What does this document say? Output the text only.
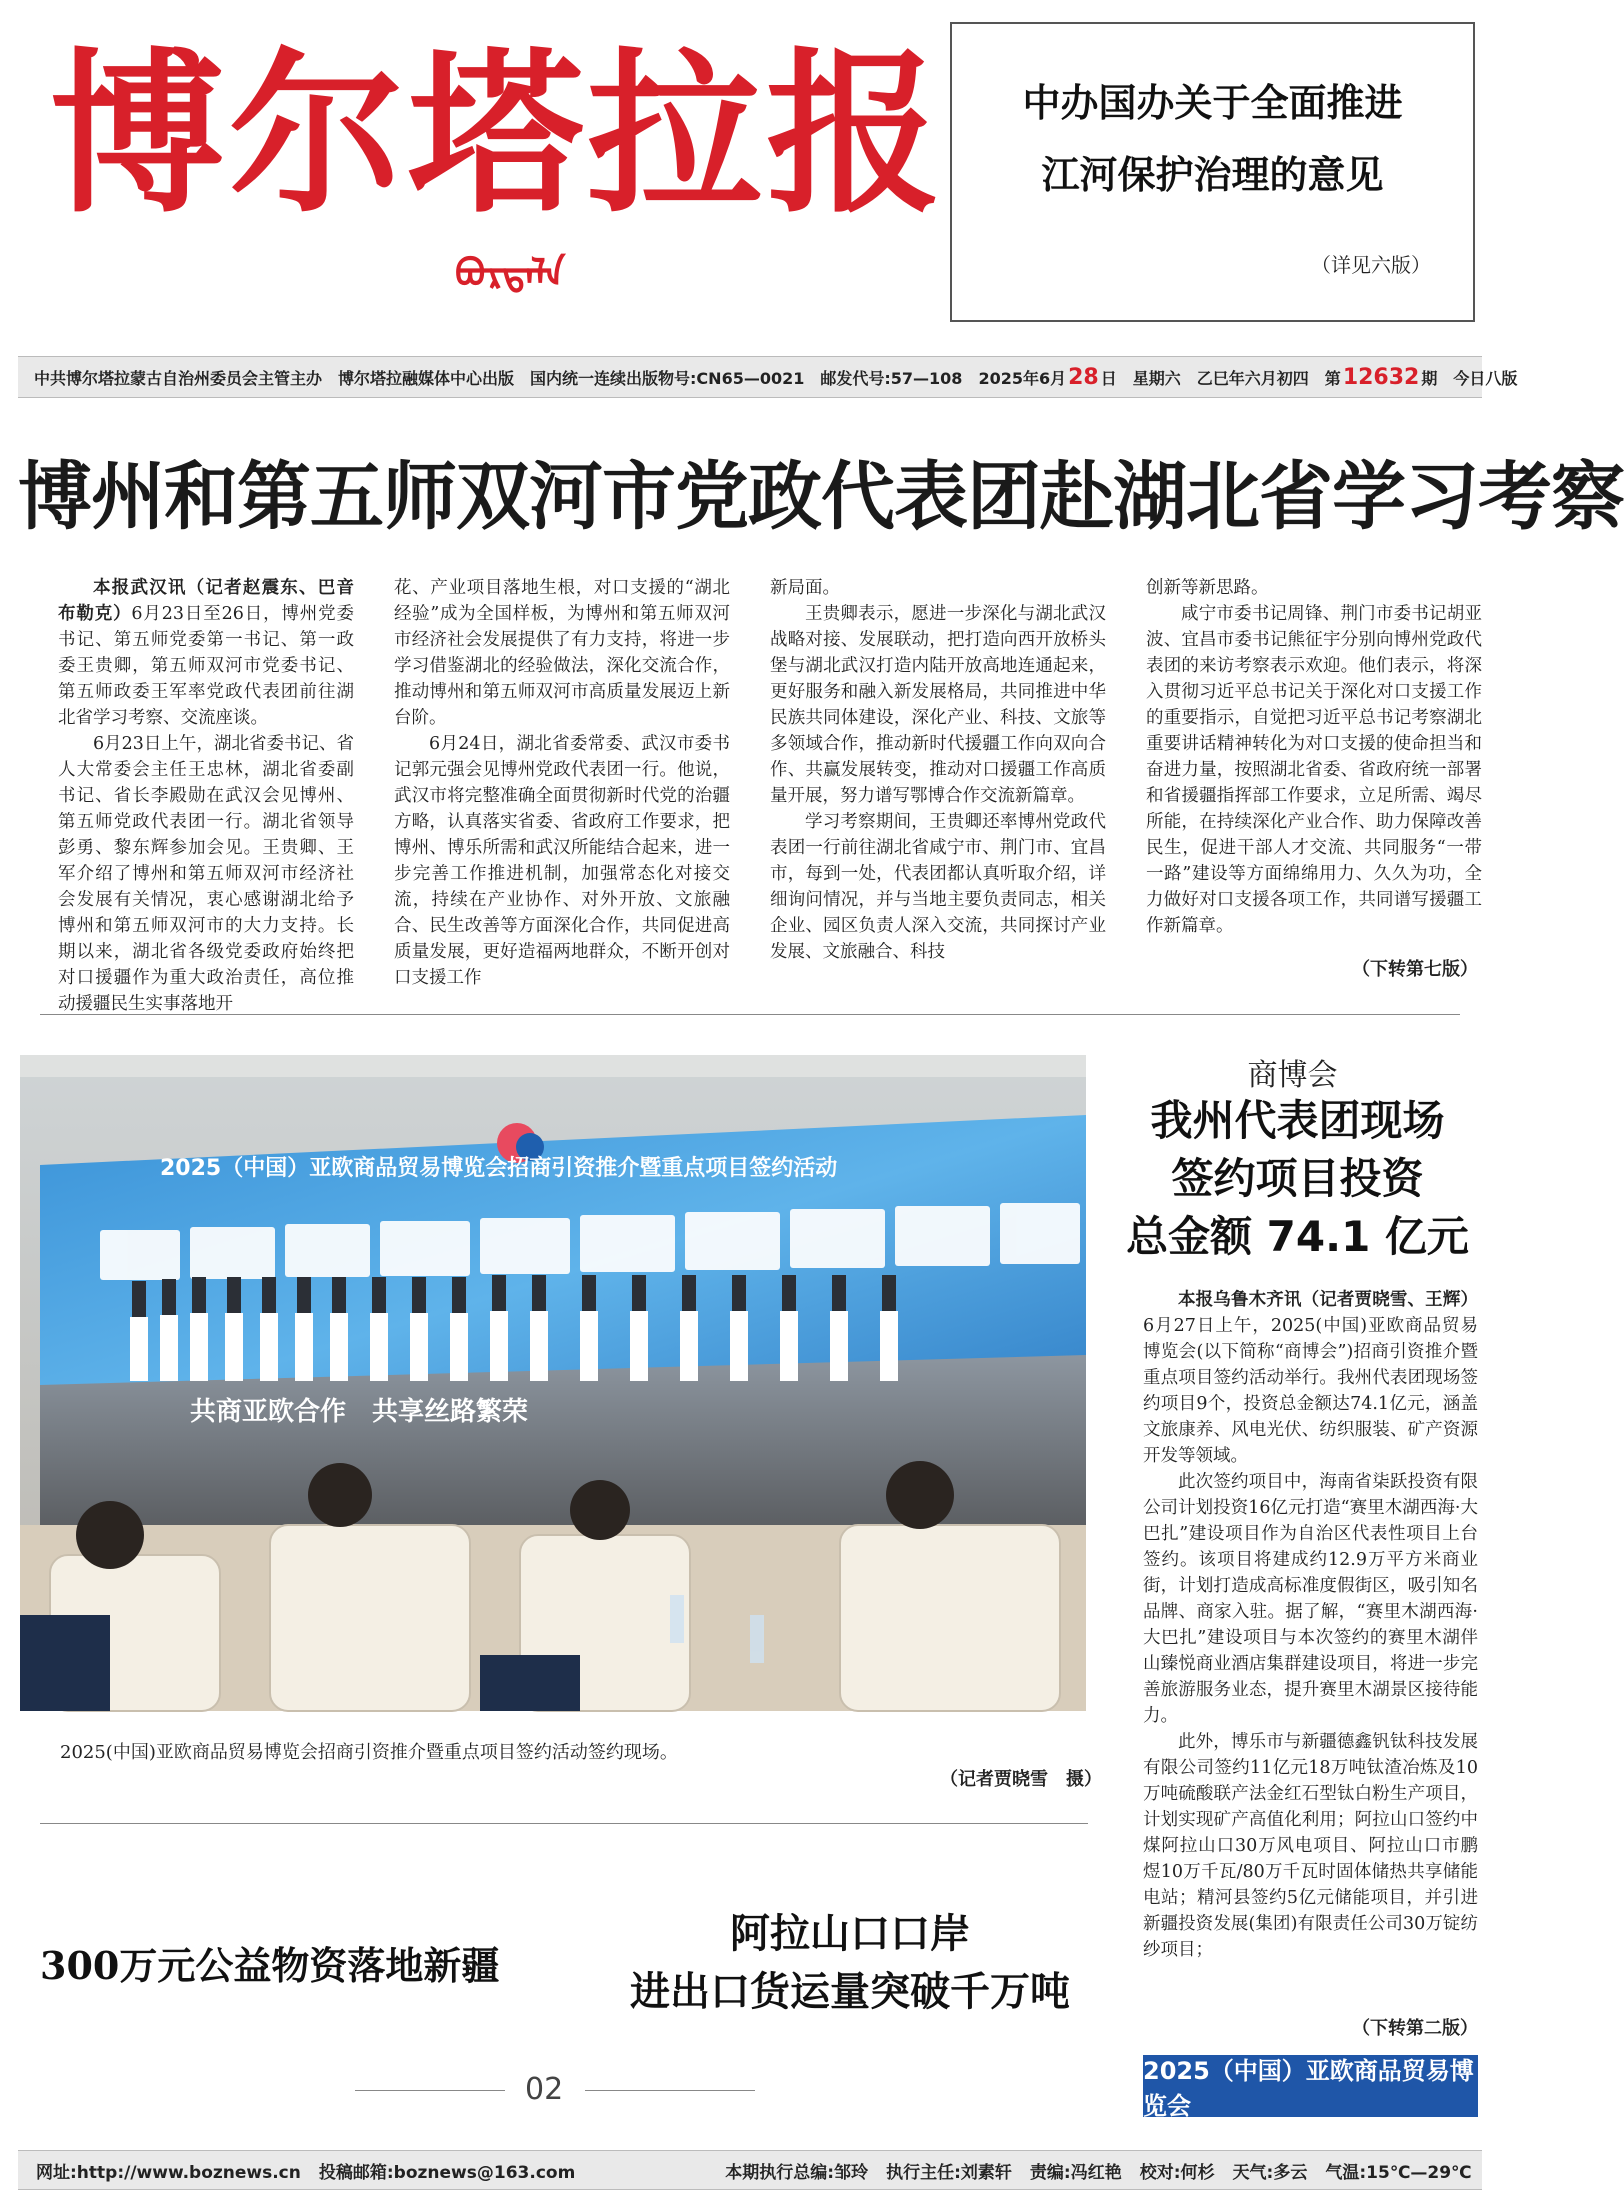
博尔塔拉报
ᠪᠣᠷᠲᠠᠯᠠ
中办国办关于全面推进
江河保护治理的意见
（详见六版）
中共博尔塔拉蒙古自治州委员会主管主办 博尔塔拉融媒体中心出版 国内统一连续出版物号:CN65—0021 邮发代号:57—108 2025年6月28 日 星期六 乙巳年六月初四 第12632 期 今日八版
博州和第五师双河市党政代表团赴湖北省学习考察

本报武汉讯（记者赵震东、巴音布勒克）6月23日至26日，博州党委书记、第五师党委第一书记、第一政委王贵卿，第五师双河市党委书记、第五师政委王军率党政代表团前往湖北省学习考察、交流座谈。

6月23日上午，湖北省委书记、省人大常委会主任王忠林，湖北省委副书记、省长李殿勋在武汉会见博州、第五师党政代表团一行。湖北省领导彭勇、黎东辉参加会见。王贵卿、王军介绍了博州和第五师双河市经济社会发展有关情况，衷心感谢湖北给予博州和第五师双河市的大力支持。长期以来，湖北省各级党委政府始终把对口援疆作为重大政治责任，高位推动援疆民生实事落地开

花、产业项目落地生根，对口支援的“湖北经验”成为全国样板，为博州和第五师双河市经济社会发展提供了有力支持，将进一步学习借鉴湖北的经验做法，深化交流合作，推动博州和第五师双河市高质量发展迈上新台阶。

6月24日，湖北省委常委、武汉市委书记郭元强会见博州党政代表团一行。他说，武汉市将完整准确全面贯彻新时代党的治疆方略，认真落实省委、省政府工作要求，把博州、博乐所需和武汉所能结合起来，进一步完善工作推进机制，加强常态化对接交流，持续在产业协作、对外开放、文旅融合、民生改善等方面深化合作，共同促进高质量发展，更好造福两地群众，不断开创对口支援工作

新局面。

王贵卿表示，愿进一步深化与湖北武汉战略对接、发展联动，把打造向西开放桥头堡与湖北武汉打造内陆开放高地连通起来，更好服务和融入新发展格局，共同推进中华民族共同体建设，深化产业、科技、文旅等多领域合作，推动新时代援疆工作向双向合作、共赢发展转变，推动对口援疆工作高质量开展，努力谱写鄂博合作交流新篇章。

学习考察期间，王贵卿还率博州党政代表团一行前往湖北省咸宁市、荆门市、宜昌市，每到一处，代表团都认真听取介绍，详细询问情况，并与当地主要负责同志，相关企业、园区负责人深入交流，共同探讨产业发展、文旅融合、科技

创新等新思路。

咸宁市委书记周锋、荆门市委书记胡亚波、宜昌市委书记熊征宇分别向博州党政代表团的来访考察表示欢迎。他们表示，将深入贯彻习近平总书记关于深化对口支援工作的重要指示，自觉把习近平总书记考察湖北重要讲话精神转化为对口支援的使命担当和奋进力量，按照湖北省委、省政府统一部署和省援疆指挥部工作要求，立足所需、竭尽所能，在持续深化产业合作、助力保障改善民生，促进干部人才交流、共同服务“一带一路”建设等方面绵绵用力、久久为功，全力做好对口支援各项工作，共同谱写援疆工作新篇章。

（下转第七版）
2025（中国）亚欧商品贸易博览会招商引资推介暨重点项目签约活动
共商亚欧合作　共享丝路繁荣
2025(中国)亚欧商品贸易博览会招商引资推介暨重点项目签约活动签约现场。
（记者贾晓雪　摄）
商博会
我州代表团现场
签约项目投资
总金额 74.1 亿元

本报乌鲁木齐讯（记者贾晓雪、王辉）6月27日上午，2025(中国)亚欧商品贸易博览会(以下简称“商博会”)招商引资推介暨重点项目签约活动举行。我州代表团现场签约项目9个，投资总金额达74.1亿元，涵盖文旅康养、风电光伏、纺织服装、矿产资源开发等领域。

此次签约项目中，海南省柒跃投资有限公司计划投资16亿元打造“赛里木湖西海·大巴扎”建设项目作为自治区代表性项目上台签约。该项目将建成约12.9万平方米商业街，计划打造成高标准度假街区，吸引知名品牌、商家入驻。据了解，“赛里木湖西海·大巴扎”建设项目与本次签约的赛里木湖伴山臻悦商业酒店集群建设项目，将进一步完善旅游服务业态，提升赛里木湖景区接待能力。

此外，博乐市与新疆德鑫钒钛科技发展有限公司签约11亿元18万吨钛渣冶炼及10万吨硫酸联产法金红石型钛白粉生产项目，计划实现矿产高值化利用；阿拉山口签约中煤阿拉山口30万风电项目、阿拉山口市鹏煜10万千瓦/80万千瓦时固体储热共享储能电站；精河县签约5亿元储能项目，并引进新疆投资发展(集团)有限责任公司30万锭纺纱项目；

（下转第二版）
2025（中国）亚欧商品贸易博览会
300万元公益物资落地新疆
阿拉山口口岸
进出口货运量突破千万吨
02
网址:http://www.boznews.cn 投稿邮箱:boznews@163.com	本期执行总编:邹玲 执行主任:刘素轩 责编:冯红艳 校对:何杉 天气:多云 气温:15℃—29℃
